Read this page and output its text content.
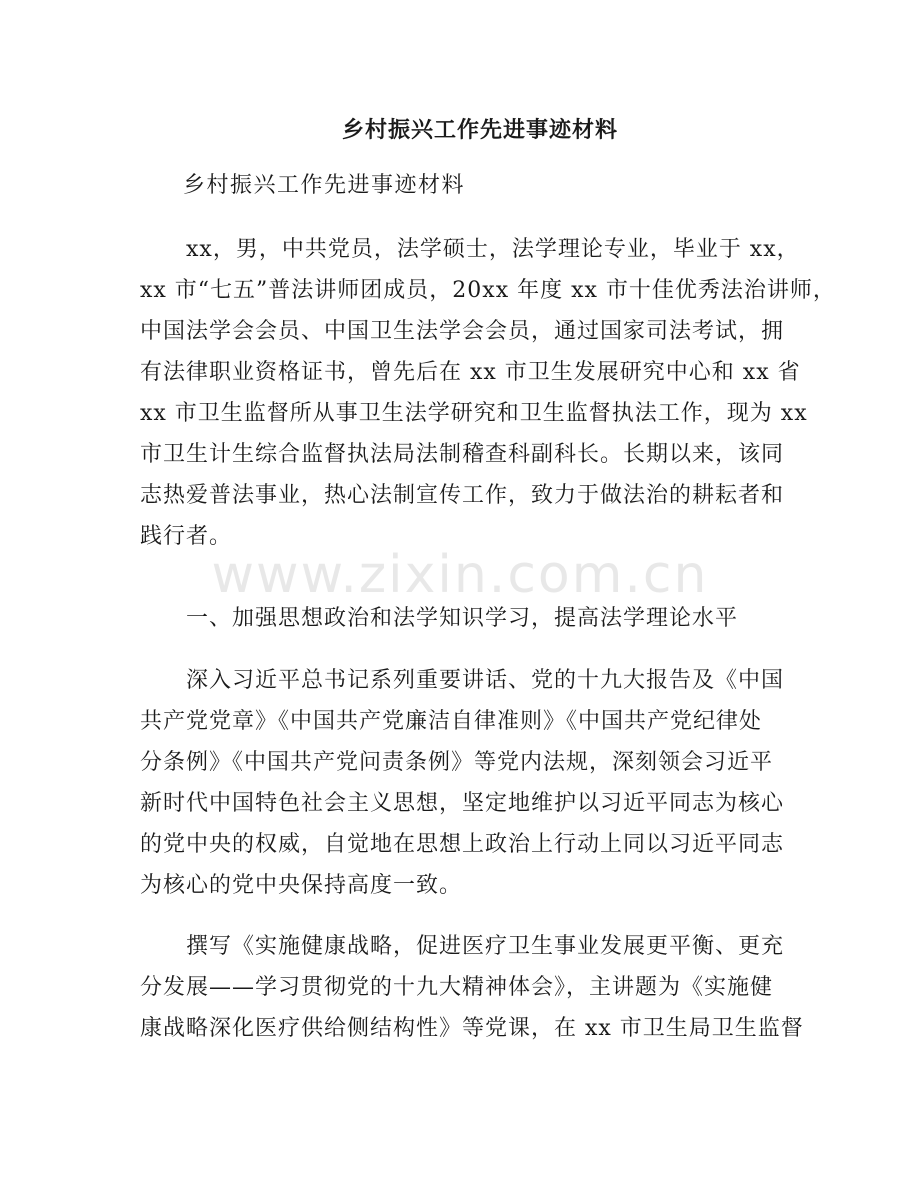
乡村振兴工作先进事迹材料
乡村振兴工作先进事迹材料
　　xx，男，中共党员，法学硕士，法学理论专业，毕业于 xx，
xx 市“七五”普法讲师团成员，20xx 年度 xx 市十佳优秀法治讲师，
中国法学会会员、中国卫生法学会会员，通过国家司法考试，拥
有法律职业资格证书，曾先后在 xx 市卫生发展研究中心和 xx 省
xx 市卫生监督所从事卫生法学研究和卫生监督执法工作，现为 xx
市卫生计生综合监督执法局法制稽查科副科长。长期以来，该同
志热爱普法事业，热心法制宣传工作，致力于做法治的耕耘者和
践行者。
　　一、加强思想政治和法学知识学习，提高法学理论水平
　　深入习近平总书记系列重要讲话、党的十九大报告及《中国
共产党党章》《中国共产党廉洁自律准则》《中国共产党纪律处
分条例》《中国共产党问责条例》等党内法规，深刻领会习近平
新时代中国特色社会主义思想，坚定地维护以习近平同志为核心
的党中央的权威，自觉地在思想上政治上行动上同以习近平同志
为核心的党中央保持高度一致。
　　撰写《实施健康战略，促进医疗卫生事业发展更平衡、更充
分发展——学习贯彻党的十九大精神体会》，主讲题为《实施健
康战略深化医疗供给侧结构性》等党课，在 xx 市卫生局卫生监督
www.zixin.com.cn
